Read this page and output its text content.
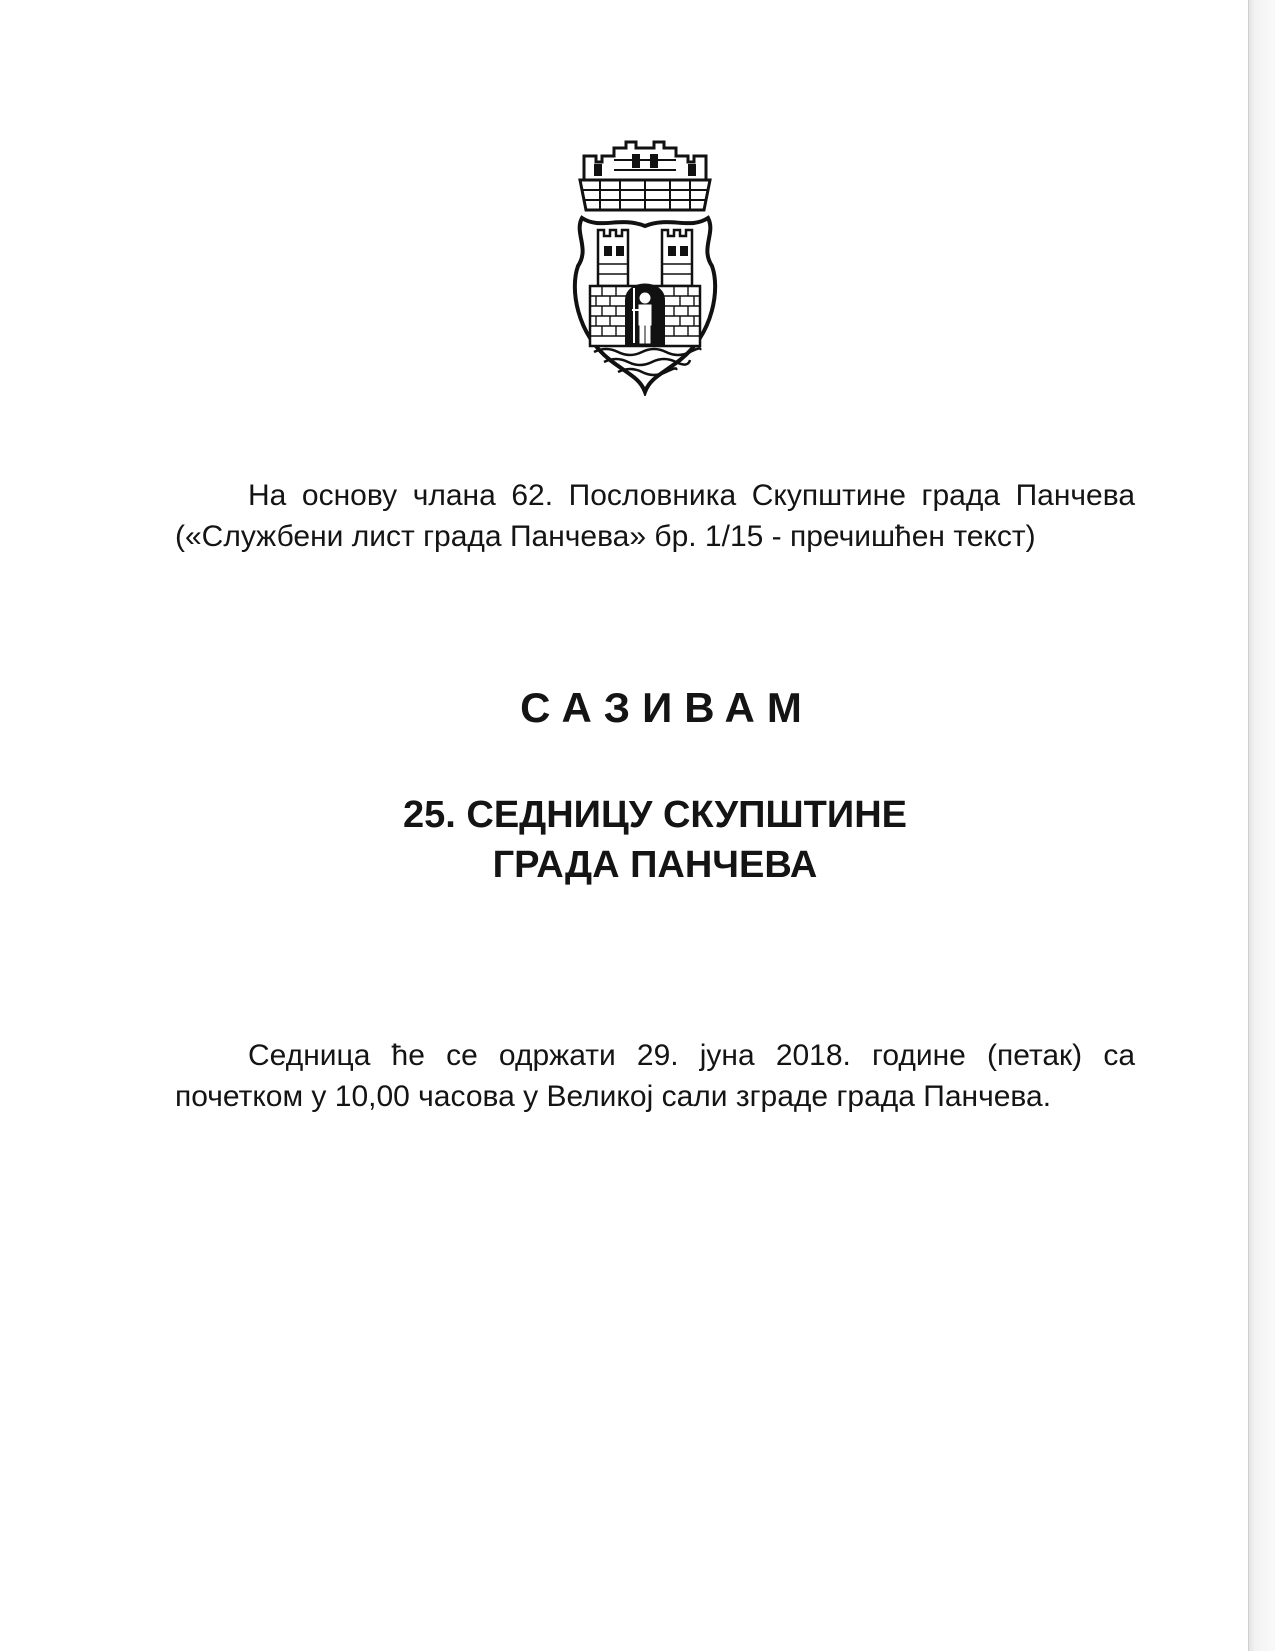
На основу члана 62. Пословника Скупштине града Панчева («Службени лист града Панчева» бр. 1/15 - пречишћен текст)

САЗИВАМ
25. СЕДНИЦУ СКУПШТИНЕ
ГРАДА ПАНЧЕВА

Седница ће се одржати 29. јуна 2018. године (петак) са почетком у 10,00 часова у Великој сали зграде града Панчева.
